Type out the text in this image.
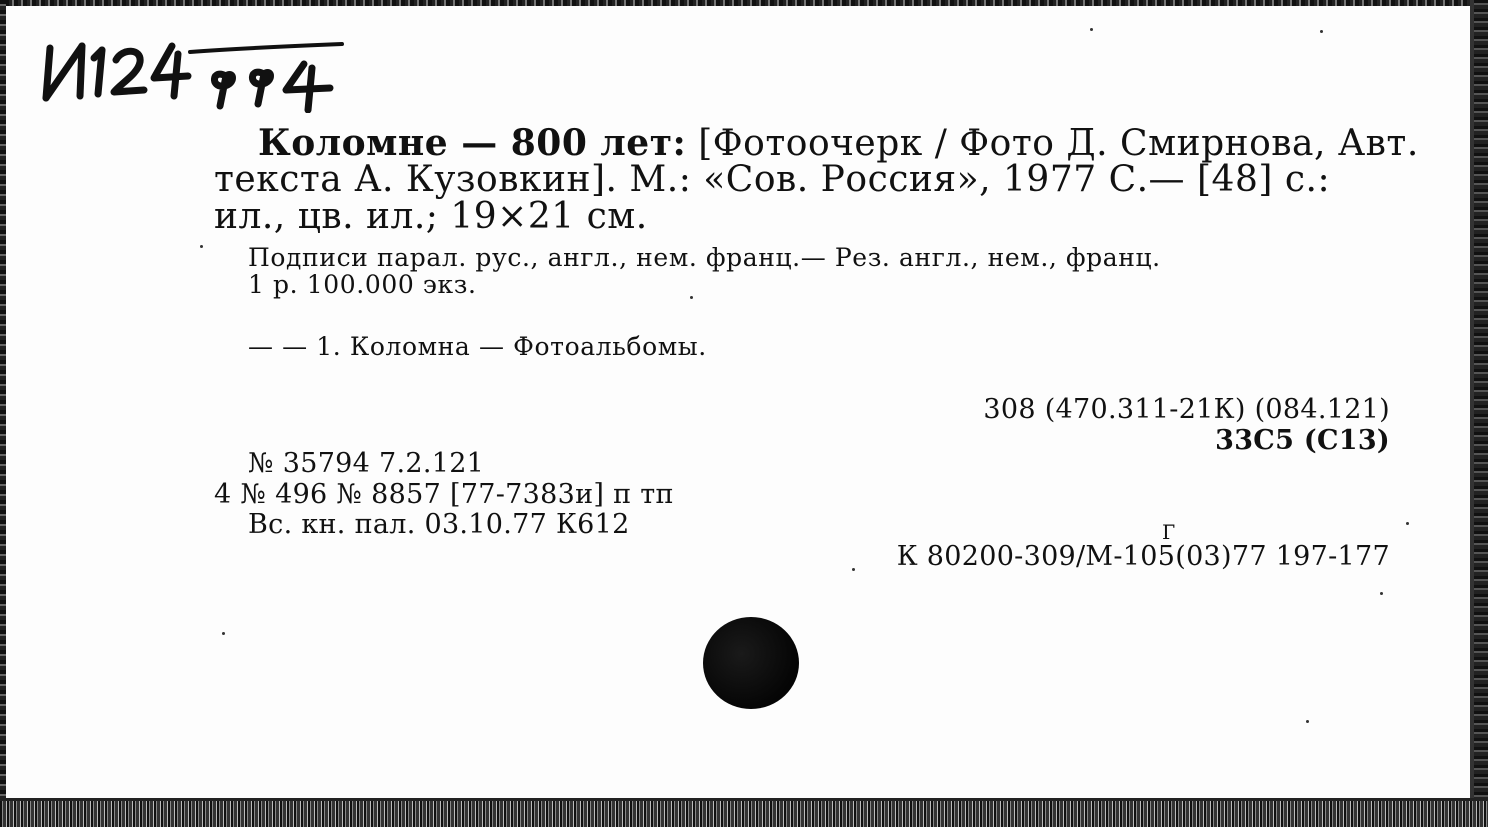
Коломне — 800 лет: [Фотоочерк / Фото Д. Смирнова, Авт.
текста А. Кузовкин]. М.: «Сов. Россия», 1977 С.— [48] с.:
ил., цв. ил.; 19×21 см.
Подписи парал. рус., англ., нем. франц.— Рез. англ., нем., франц.
1 р. 100.000 экз.
— — 1. Коломна — Фотоальбомы.
308 (470.311-21К) (084.121)
33С5 (С13)
№ 35794 7.2.121
4 № 496 № 8857 [77-7383и] п тп
Вс. кн. пал. 03.10.77 К612	Г
К 80200-309/М-105(03)77 197-177
